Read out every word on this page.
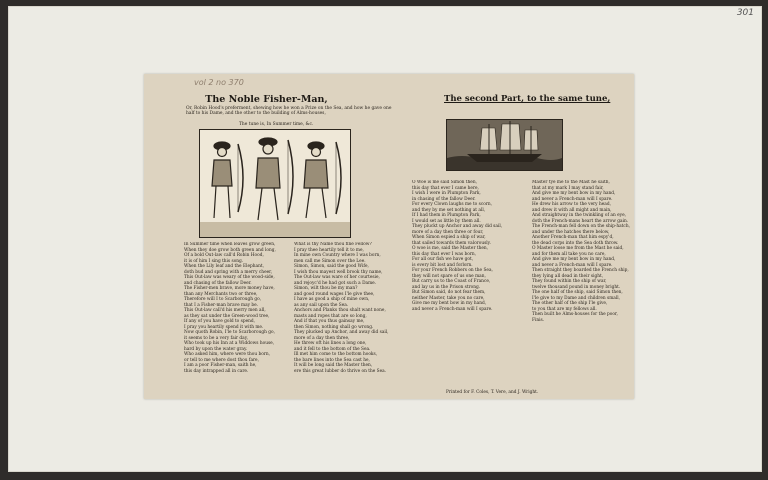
301
vol 2 no 370
The Noble Fisher-Man,
Or, Robin Hood's preferment, shewing how he won a Prize on the Sea, and how he gave one half to his Dame, and the other to the building of Alms-houses,
The tune is, In Summer time, &c.
The second Part, to the same tune,
In Summer time when leaves grow green,
When they doe grow both green and long,
Of a bold Out-law call'd Robin Hood,
it is of him I sing this song.
When the Lily leaf and the Elephant,
doth bud and spring with a merry cheer,
This Out-law was weary of the wood-side,
and chasing of the fallow Deer.
The Fisher-men brave, more money have,
than any Merchants two or three,
Therefore will I to Scarborough go,
that I a Fisher-man brave may be.
This Out-law call'd his merry men all,
as they sat under the Green-wood tree,
If any of you have gold to spend,
I pray you heartily spend it with me.
Now quoth Robin, I'le to Scarborough go,
it seems to be a very fair day,
Who took up his Inn at a Widdows house,
hard by upon the water gray.
Who asked him, where were thou born,
or tell to me where dost thou fare,
I am a poor Fisher-man, saith he,
this day intrapped all in care.
What is thy Name thou fine Fellow?
I pray thee heartily tell it to me,
In mine own Country where I was born,
men call me Simon over the Lee.
Simon, Simon, said the good Wife,
I wish thou mayest well brook thy name,
The Out-law was ware of her courtesie,
and rejoyc'd he had got such a Dame.
Simon, wilt thou be my man?
and good round wages I'le give thee,
I have as good a ship of mine own,
as any sail upon the Sea.
Anchors and Planks thou shalt want none,
masts and ropes that are so long,
And if that you thus gainsay me,
then Simon, nothing shall go wrong.
They plucked up Anchor, and away did sail,
more of a day then three,
He threw oft his lines a long one,
and it fell to the bottom of the Sea.
Ill met him come to the bottom hooks,
the bare lines into the Sea cast he,
It will be long said the Master then,
ere this great lubber do thrive on the Sea.
O Woe is me said Simon then,
this day that ever I came here,
I wish I were in Plumpton Park,
in chasing of the fallow Deer.
For every Clown laughs me to scorn,
and they by me set nothing at all,
If I had them in Plumpton Park,
I would set as little by them all.
They pluckt up Anchor and away did sail,
more of a day then three or four,
When Simon espied a ship of war,
that sailed towards them valorously.
O woe is me, said the Master then,
this day that ever I was born,
For all our fish we have got,
is every bit lost and forlorn.
For your French Robbers on the Sea,
they will not spare of us one man,
But carry us to the Coast of France,
and lay us in the Prison strong.
But Simon said, do not fear them,
neither Master, take you no care,
Give me my bent bow in my hand,
and never a French-man will I spare.
Master tye me to the Mast he saith,
that at my mark I may stand fair,
And give me my bent bow in my hand,
and never a French-man will I spare.
He drew his arrow to the very head,
and drew it with all might and main,
And straightway in the twinkling of an eye,
doth the French-mans heart the arrow gain.
The French-man fell down on the ship-hatch,
and under the hatches there below,
Another French-man that him espy'd,
the dead corps into the Sea doth throw.
O Master loose me from the Mast he said,
and for them all take you no care,
And give me my bent bow in my hand,
and never a French-man will I spare.
Then straight they boarded the French ship,
they lying all dead in their sight,
They found within the ship of war,
twelve thousand pound in money bright.
The one half of the ship, said Simon then,
I'le give to my Dame and children small,
The other half of the ship I'le give,
to you that are my fellows all.
Then built he Alms-houses for the poor,
Finis.
Printed for F. Coles, T. Vere, and J. Wright.
